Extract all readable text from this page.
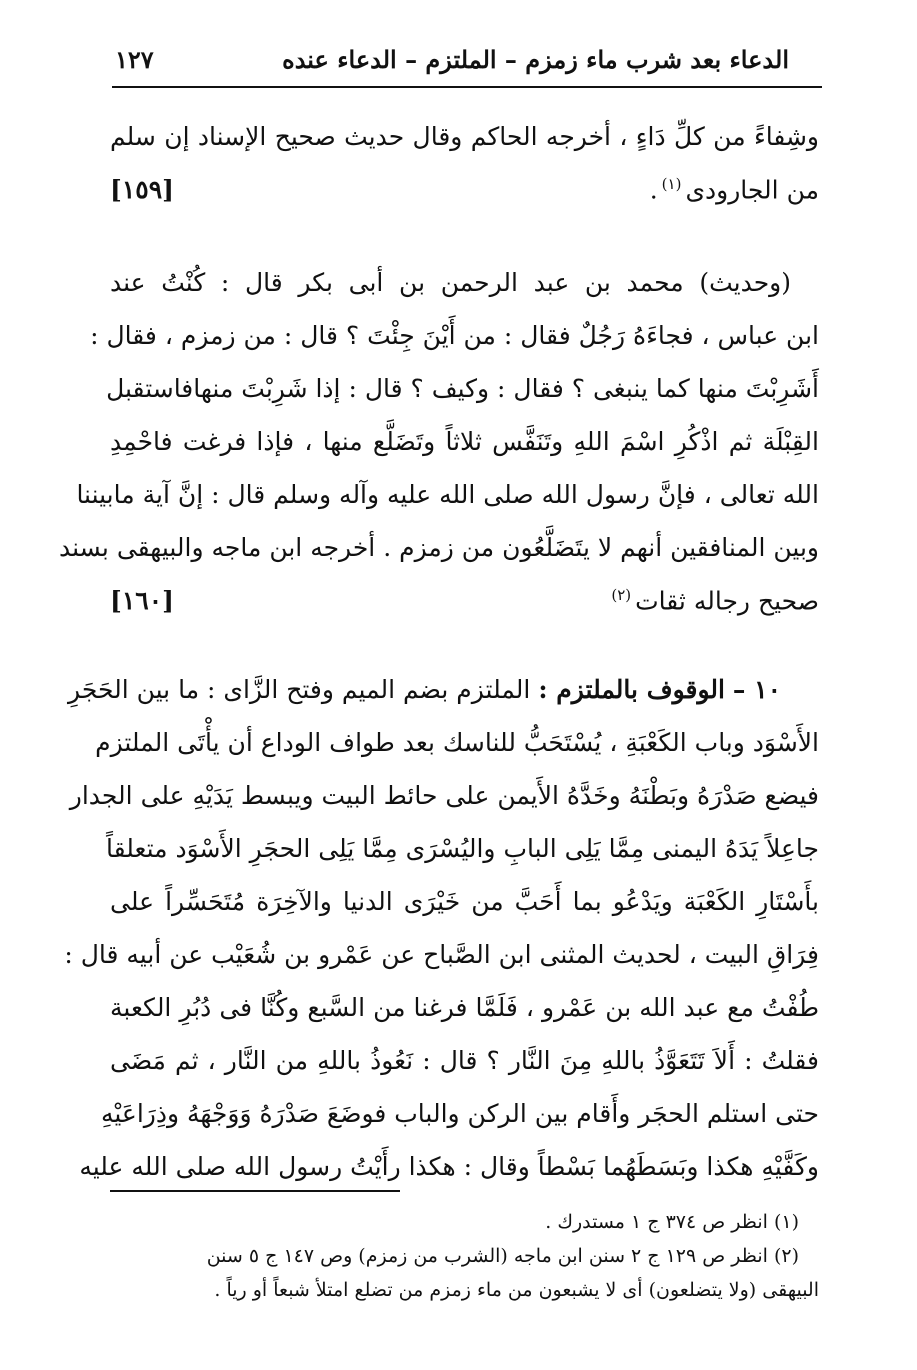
الدعاء بعد شرب ماء زمزم – الملتزم – الدعاء عنده
١٢٧
وشِفاءً من كلِّ دَاءٍ ، أخرجه الحاكم وقال حديث صحيح الإسناد إن سلم
من الجارودى$^{(١)}$.
[١٥٩]
(وحديث) محمد بن عبد الرحمن بن أبى بكر قال : كُنْتُ عند
ابن عباس ، فجاءَهُ رَجُلٌ فقال : من أَيْنَ جِئْتَ ؟ قال : من زمزم ، فقال :
أَشَرِبْتَ منها كما ينبغى ؟ فقال : وكيف ؟ قال : إذا شَرِبْتَ منهافاستقبل
القِبْلَة ثم اذْكُرِ اسْمَ اللهِ وتَنَفَّس ثلاثاً وتَضَلَّع منها ، فإذا فرغت فاحْمِدِ
الله تعالى ، فإنَّ رسول الله صلى الله عليه وآله وسلم قال : إنَّ آية مابيننا
وبين المنافقين أنهم لا يتَضَلَّعُون من زمزم . أخرجه ابن ماجه والبيهقى بسند
صحيح رجاله ثقات$^{(٢)}$
[١٦٠]
١٠ –

الوقوف بالملتزم :

الملتزم بضم الميم وفتح الزَّاى : ما بين الحَجَرِ
الأَسْوَد وباب الكَعْبَةِ ، يُسْتَحَبُّ للناسك بعد طواف الوداع أن يأْتَى الملتزم
فيضع صَدْرَهُ وبَطْنَهُ وخَدَّهُ الأَيمن على حائط البيت ويبسط يَدَيْهِ على الجدار
جاعِلاً يَدَهُ اليمنى مِمَّا يَلِى البابِ واليُسْرَى مِمَّا يَلِى الحجَرِ الأَسْوَد متعلقاً
بأَسْتَارِ الكَعْبَة ويَدْعُو بما أَحَبَّ من خَيْرَى الدنيا والآخِرَة مُتَحَسِّراً على
فِرَاقِ البيت ، لحديث المثنى ابن الصَّباح عن عَمْرو بن شُعَيْب عن أبيه قال :
طُفْتُ مع عبد الله بن عَمْرو ، فَلَمَّا فرغنا من السَّبع وكُنَّا فى دُبُرِ الكعبة
فقلتُ : أَلاَ تَتَعَوَّذُ باللهِ مِنَ النَّار ؟ قال : نَعُوذُ باللهِ من النَّار ، ثم مَضَى
حتى استلم الحجَر وأَقام بين الركن والباب فوضَعَ صَدْرَهُ وَوَجْهَهُ وذِرَاعَيْهِ
وكَفَّيْهِ هكذا وبَسَطَهُما بَسْطاً وقال : هكذا رأَيْتُ رسول الله صلى الله عليه
(١) انظر ص ٣٧٤ ج ١ مستدرك .
(٢) انظر ص ١٢٩ ج ٢ سنن ابن ماجه (الشرب من زمزم) وص ١٤٧ ج ٥ سنن
البيهقى (ولا يتضلعون) أى لا يشبعون من ماء زمزم من تضلع امتلأ شبعاً أو رياً .
